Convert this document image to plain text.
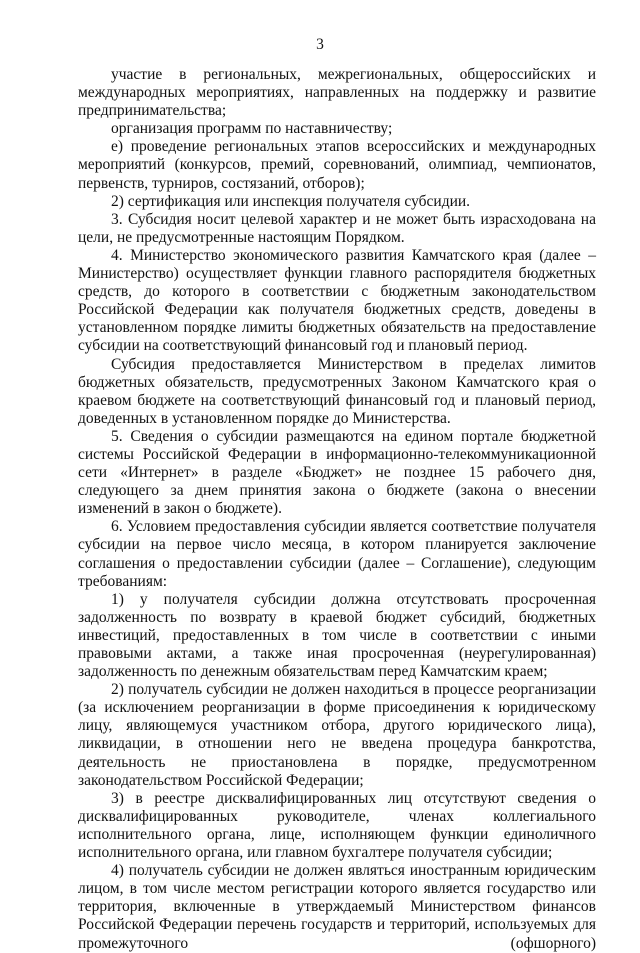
3

участие в региональных, межрегиональных, общероссийских и международных мероприятиях, направленных на поддержку и развитие предпринимательства;

организация программ по наставничеству;

е) проведение региональных этапов всероссийских и международных мероприятий (конкурсов, премий, соревнований, олимпиад, чемпионатов, первенств, турниров, состязаний, отборов);

2) сертификация или инспекция получателя субсидии.

3. Субсидия носит целевой характер и не может быть израсходована на цели, не предусмотренные настоящим Порядком.

4. Министерство экономического развития Камчатского края (далее – Министерство) осуществляет функции главного распорядителя бюджетных средств, до которого в соответствии с бюджетным законодательством Российской Федерации как получателя бюджетных средств, доведены в установленном порядке лимиты бюджетных обязательств на предоставление субсидии на соответствующий финансовый год и плановый период.

Субсидия предоставляется Министерством в пределах лимитов бюджетных обязательств, предусмотренных Законом Камчатского края о краевом бюджете на соответствующий финансовый год и плановый период, доведенных в установленном порядке до Министерства.

5. Сведения о субсидии размещаются на едином портале бюджетной системы Российской Федерации в информационно-телекоммуникационной сети «Интернет» в разделе «Бюджет» не позднее 15 рабочего дня, следующего за днем принятия закона о бюджете (закона о внесении изменений в закон о бюджете).

6. Условием предоставления субсидии является соответствие получателя субсидии на первое число месяца, в котором планируется заключение соглашения о предоставлении субсидии (далее – Соглашение), следующим требованиям:

1) у получателя субсидии должна отсутствовать просроченная задолженность по возврату в краевой бюджет субсидий, бюджетных инвестиций, предоставленных в том числе в соответствии с иными правовыми актами, а также иная просроченная (неурегулированная) задолженность по денежным обязательствам перед Камчатским краем;

2) получатель субсидии не должен находиться в процессе реорганизации (за исключением реорганизации в форме присоединения к юридическому лицу, являющемуся участником отбора, другого юридического лица), ликвидации, в отношении него не введена процедура банкротства, деятельность не приостановлена в порядке, предусмотренном законодательством Российской Федерации;

3) в реестре дисквалифицированных лиц отсутствуют сведения о дисквалифицированных руководителе, членах коллегиального исполнительного органа, лице, исполняющем функции единоличного исполнительного органа, или главном бухгалтере получателя субсидии;

4) получатель субсидии не должен являться иностранным юридическим лицом, в том числе местом регистрации которого является государство или территория, включенные в утверждаемый Министерством финансов Российской Федерации перечень государств и территорий, используемых для промежуточного (офшорного)
